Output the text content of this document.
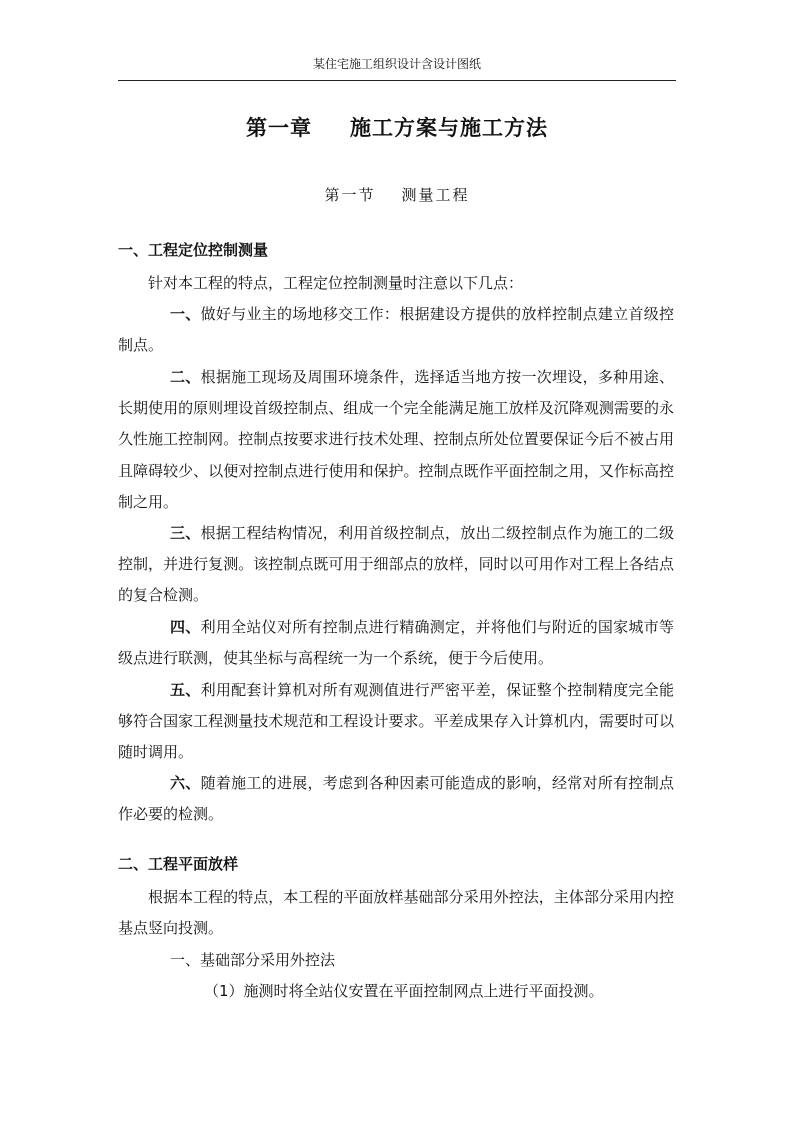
某住宅施工组织设计含设计图纸
第一章 施工方案与施工方法
第一节 测量工程
一、工程定位控制测量
针对本工程的特点，工程定位控制测量时注意以下几点：
一、做好与业主的场地移交工作：根据建设方提供的放样控制点建立首级控制点。
二、根据施工现场及周围环境条件，选择适当地方按一次埋设，多种用途、长期使用的原则埋设首级控制点、组成一个完全能满足施工放样及沉降观测需要的永久性施工控制网。控制点按要求进行技术处理、控制点所处位置要保证今后不被占用且障碍较少、以便对控制点进行使用和保护。控制点既作平面控制之用，又作标高控制之用。
三、根据工程结构情况，利用首级控制点，放出二级控制点作为施工的二级控制，并进行复测。该控制点既可用于细部点的放样，同时以可用作对工程上各结点的复合检测。
四、利用全站仪对所有控制点进行精确测定，并将他们与附近的国家城市等级点进行联测，使其坐标与高程统一为一个系统，便于今后使用。
五、利用配套计算机对所有观测值进行严密平差，保证整个控制精度完全能够符合国家工程测量技术规范和工程设计要求。平差成果存入计算机内，需要时可以随时调用。
六、随着施工的进展，考虑到各种因素可能造成的影响，经常对所有控制点作必要的检测。
二、工程平面放样
根据本工程的特点，本工程的平面放样基础部分采用外控法，主体部分采用内控基点竖向投测。
一、基础部分采用外控法
（1）施测时将全站仪安置在平面控制网点上进行平面投测。
